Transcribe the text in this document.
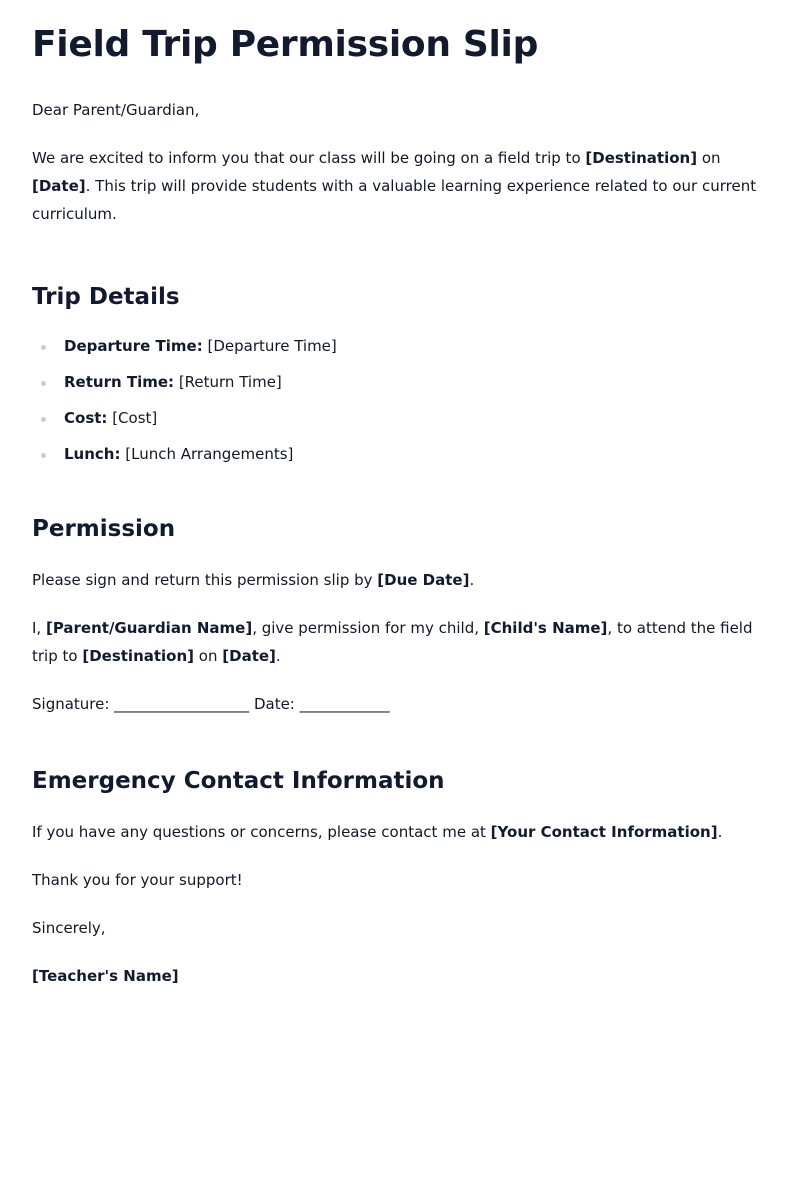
Field Trip Permission Slip

Dear Parent/Guardian,

We are excited to inform you that our class will be going on a field trip to [Destination] on [Date]. This trip will provide students with a valuable learning experience related to our current curriculum.

Trip Details
Departure Time: [Departure Time]
Return Time: [Return Time]
Cost: [Cost]
Lunch: [Lunch Arrangements]
Permission

Please sign and return this permission slip by [Due Date].

I, [Parent/Guardian Name], give permission for my child, [Child's Name], to attend the field trip to [Destination] on [Date].

Signature: __________________ Date: ____________

Emergency Contact Information

If you have any questions or concerns, please contact me at [Your Contact Information].

Thank you for your support!

Sincerely,

[Teacher's Name]
